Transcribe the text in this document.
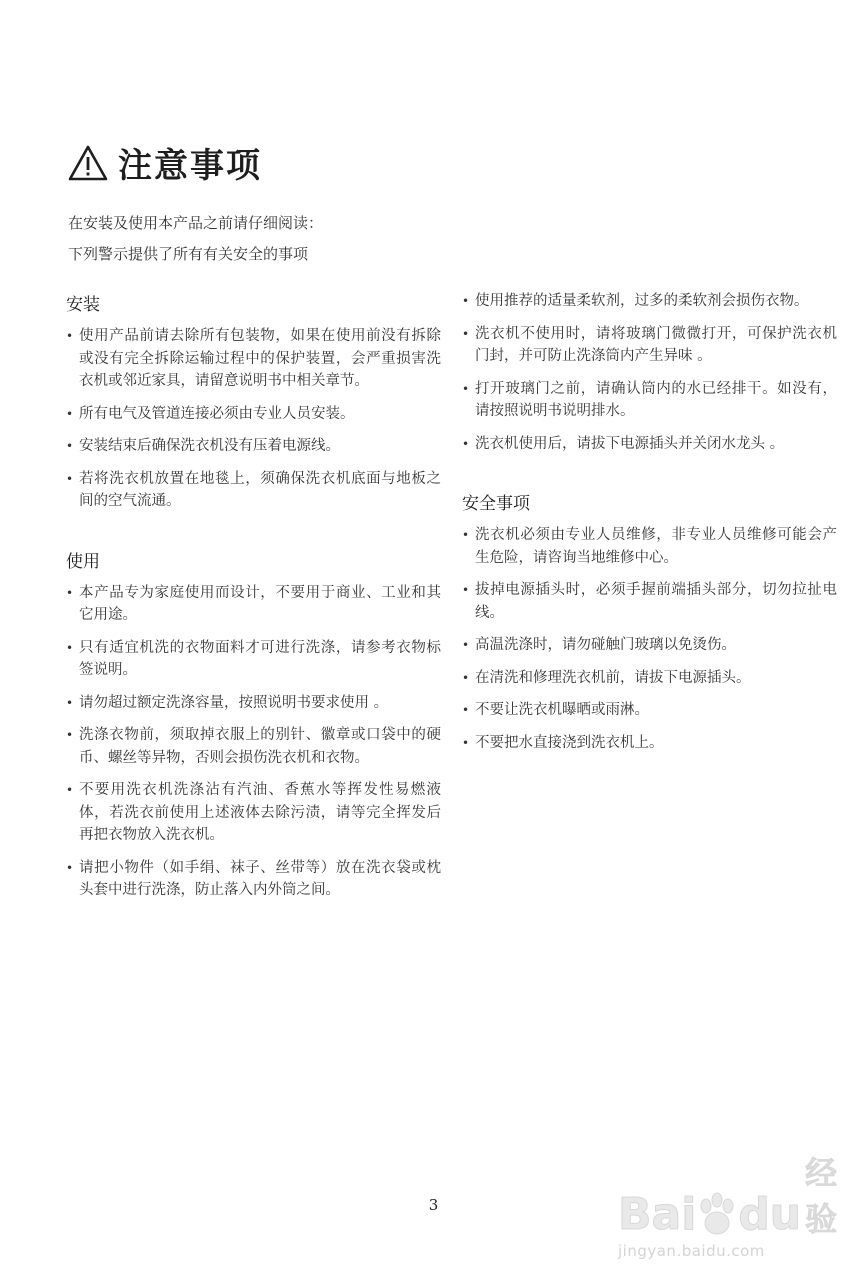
注意事项
在安装及使用本产品之前请仔细阅读：
下列警示提供了所有有关安全的事项
安装
• 使用产品前请去除所有包装物，如果在使用前没有拆除或没有完全拆除运输过程中的保护装置，会严重损害洗衣机或邻近家具，请留意说明书中相关章节。
• 所有电气及管道连接必须由专业人员安装。
• 安装结束后确保洗衣机没有压着电源线。
• 若将洗衣机放置在地毯上，须确保洗衣机底面与地板之间的空气流通。
使用
• 本产品专为家庭使用而设计，不要用于商业、工业和其它用途。
• 只有适宜机洗的衣物面料才可进行洗涤，请参考衣物标签说明。
• 请勿超过额定洗涤容量，按照说明书要求使用 。
• 洗涤衣物前，须取掉衣服上的别针、徽章或口袋中的硬币、螺丝等异物，否则会损伤洗衣机和衣物。
• 不要用洗衣机洗涤沾有汽油、香蕉水等挥发性易燃液体，若洗衣前使用上述液体去除污渍，请等完全挥发后再把衣物放入洗衣机。
• 请把小物件（如手绢、袜子、丝带等）放在洗衣袋或枕头套中进行洗涤，防止落入内外筒之间。
• 使用推荐的适量柔软剂，过多的柔软剂会损伤衣物。
• 洗衣机不使用时，请将玻璃门微微打开，可保护洗衣机门封，并可防止洗涤筒内产生异味 。
• 打开玻璃门之前，请确认筒内的水已经排干。如没有，请按照说明书说明排水。
• 洗衣机使用后，请拔下电源插头并关闭水龙头 。
安全事项
• 洗衣机必须由专业人员维修，非专业人员维修可能会产生危险，请咨询当地维修中心。
• 拔掉电源插头时，必须手握前端插头部分，切勿拉扯电线。
• 高温洗涤时，请勿碰触门玻璃以免烫伤。
• 在清洗和修理洗衣机前，请拔下电源插头。
• 不要让洗衣机曝晒或雨淋。
• 不要把水直接浇到洗衣机上。
3	Bai du
经验
jingyan.baidu.com
